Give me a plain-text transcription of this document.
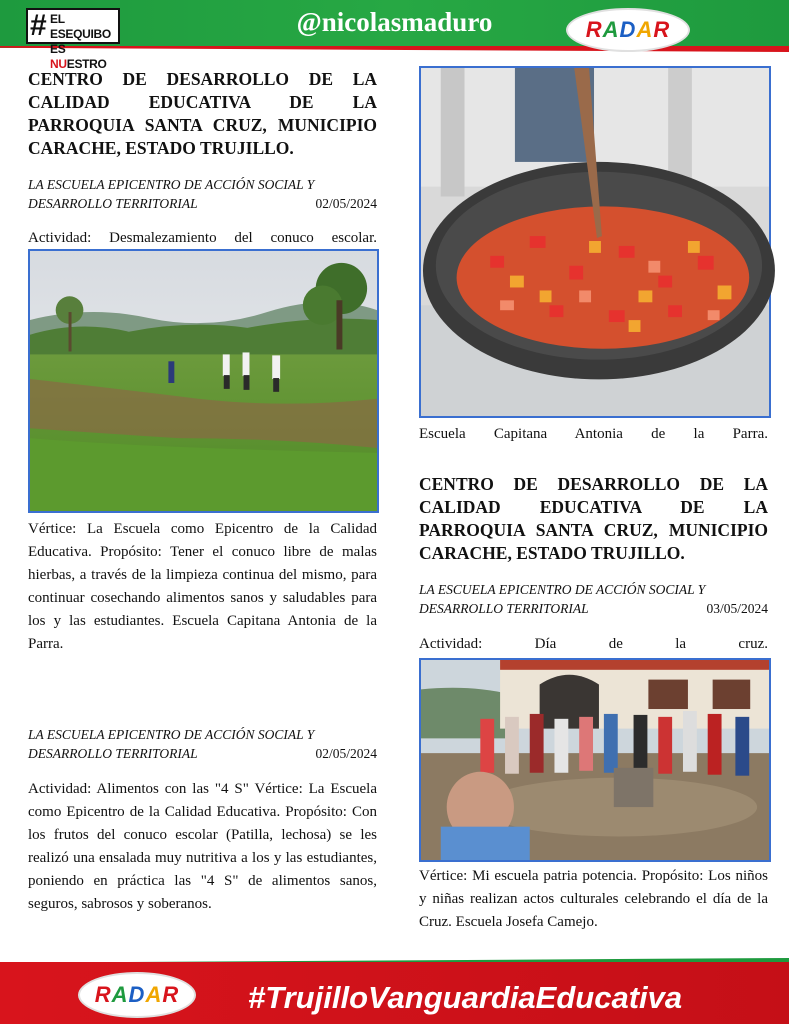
# EL ESEQUIBO
ES NUESTRO
@nicolasmaduro	R A D A R
CENTRO DE DESARROLLO DE LA CALIDAD EDUCATIVA DE LA PARROQUIA SANTA CRUZ, MUNICIPIO CARACHE, ESTADO TRUJILLO.
LA ESCUELA EPICENTRO DE ACCIÓN SOCIAL Y
DESARROLLO TERRITORIAL	02/05/2024
Actividad: Desmalezamiento del conuco escolar.
Vértice: La Escuela como Epicentro de la Calidad Educativa. Propósito: Tener el conuco libre de malas hierbas, a través de la limpieza continua del mismo, para continuar cosechando alimentos sanos y saludables para los y las estudiantes. Escuela Capitana Antonia de la Parra.
LA ESCUELA EPICENTRO DE ACCIÓN SOCIAL Y
DESARROLLO TERRITORIAL	02/05/2024
Actividad: Alimentos con las "4 S" Vértice: La Escuela como Epicentro de la Calidad Educativa. Propósito: Con los frutos del conuco escolar (Patilla, lechosa) se les realizó una ensalada muy nutritiva a los y las estudiantes, poniendo en práctica las "4 S" de alimentos sanos, seguros, sabrosos y soberanos.
Escuela Capitana Antonia de la Parra.
CENTRO DE DESARROLLO DE LA CALIDAD EDUCATIVA DE LA PARROQUIA SANTA CRUZ, MUNICIPIO CARACHE, ESTADO TRUJILLO.
LA ESCUELA EPICENTRO DE ACCIÓN SOCIAL Y
DESARROLLO TERRITORIAL	03/05/2024
Actividad: Día de la cruz.
Vértice: Mi escuela patria potencia. Propósito: Los niños y niñas realizan actos culturales celebrando el día de la Cruz. Escuela Josefa Camejo.
R A D A R #TrujilloVanguardiaEducativa
